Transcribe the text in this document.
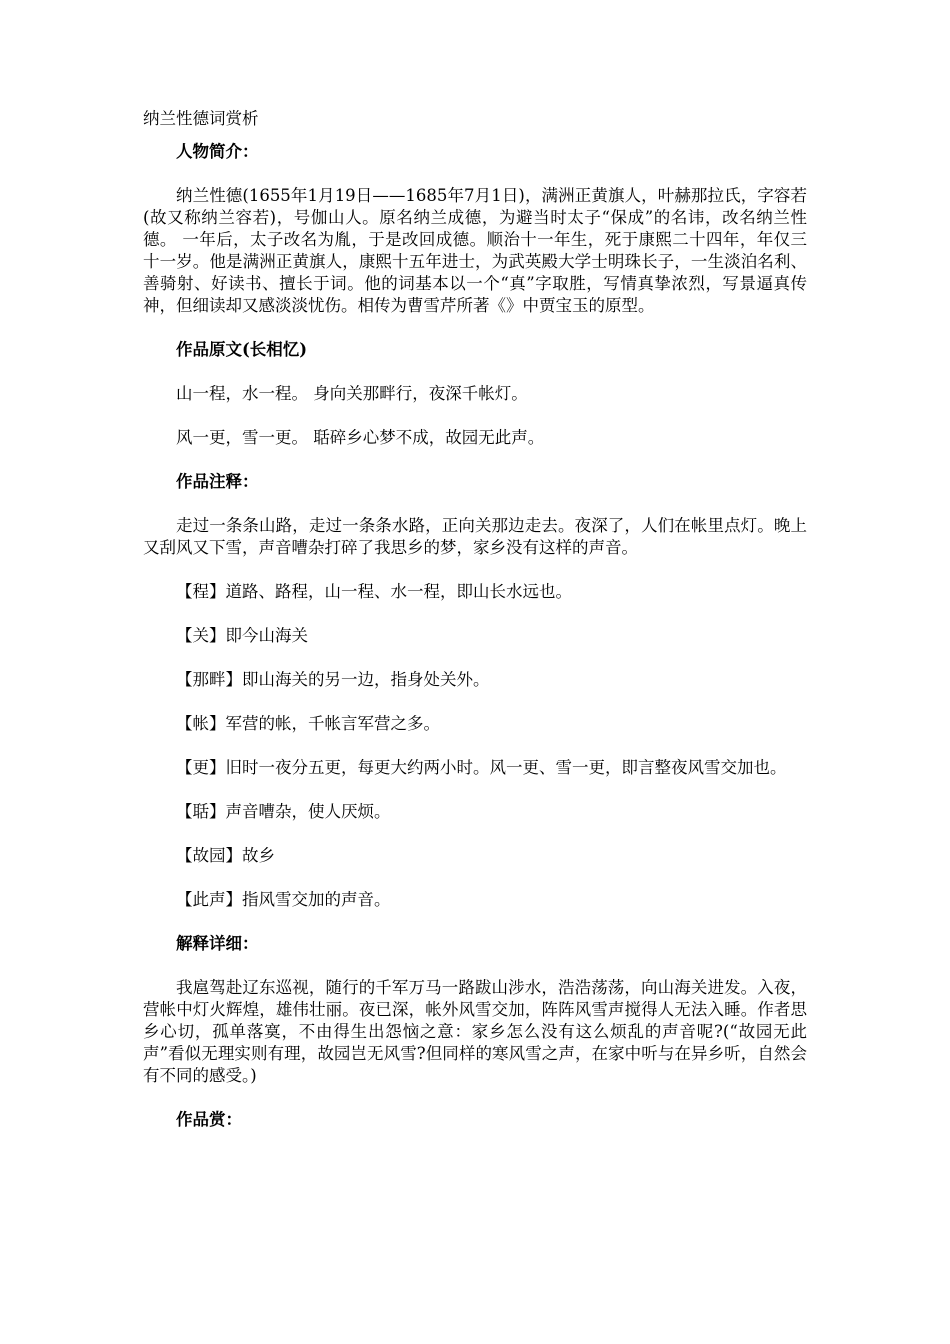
纳兰性德词赏析

人物简介：

纳兰性德(1655年1月19日——1685年7月1日)，满洲正黄旗人，叶赫那拉氏，字容若(故又称纳兰容若)，号伽山人。原名纳兰成德，为避当时太子“保成”的名讳，改名纳兰性德。 一年后，太子改名为胤，于是改回成德。顺治十一年生，死于康熙二十四年，年仅三十一岁。他是满洲正黄旗人，康熙十五年进士，为武英殿大学士明珠长子，一生淡泊名利、善骑射、好读书、擅长于词。他的词基本以一个“真”字取胜，写情真挚浓烈，写景逼真传神，但细读却又感淡淡忧伤。相传为曹雪芹所著《》中贾宝玉的原型。

作品原文(长相忆)

山一程，水一程。 身向关那畔行，夜深千帐灯。

风一更，雪一更。 聒碎乡心梦不成，故园无此声。

作品注释：

走过一条条山路，走过一条条水路，正向关那边走去。夜深了，人们在帐里点灯。晚上又刮风又下雪，声音嘈杂打碎了我思乡的梦，家乡没有这样的声音。

【程】道路、路程，山一程、水一程，即山长水远也。

【关】即今山海关

【那畔】即山海关的另一边，指身处关外。

【帐】军营的帐，千帐言军营之多。

【更】旧时一夜分五更，每更大约两小时。风一更、雪一更，即言整夜风雪交加也。

【聒】声音嘈杂，使人厌烦。

【故园】故乡

【此声】指风雪交加的声音。

解释详细：

我扈驾赴辽东巡视，随行的千军万马一路跋山涉水，浩浩荡荡，向山海关进发。入夜，营帐中灯火辉煌，雄伟壮丽。夜已深，帐外风雪交加，阵阵风雪声搅得人无法入睡。作者思乡心切，孤单落寞，不由得生出怨恼之意：家乡怎么没有这么烦乱的声音呢?(“故园无此声”看似无理实则有理，故园岂无风雪?但同样的寒风雪之声，在家中听与在异乡听，自然会有不同的感受。)

作品赏：
